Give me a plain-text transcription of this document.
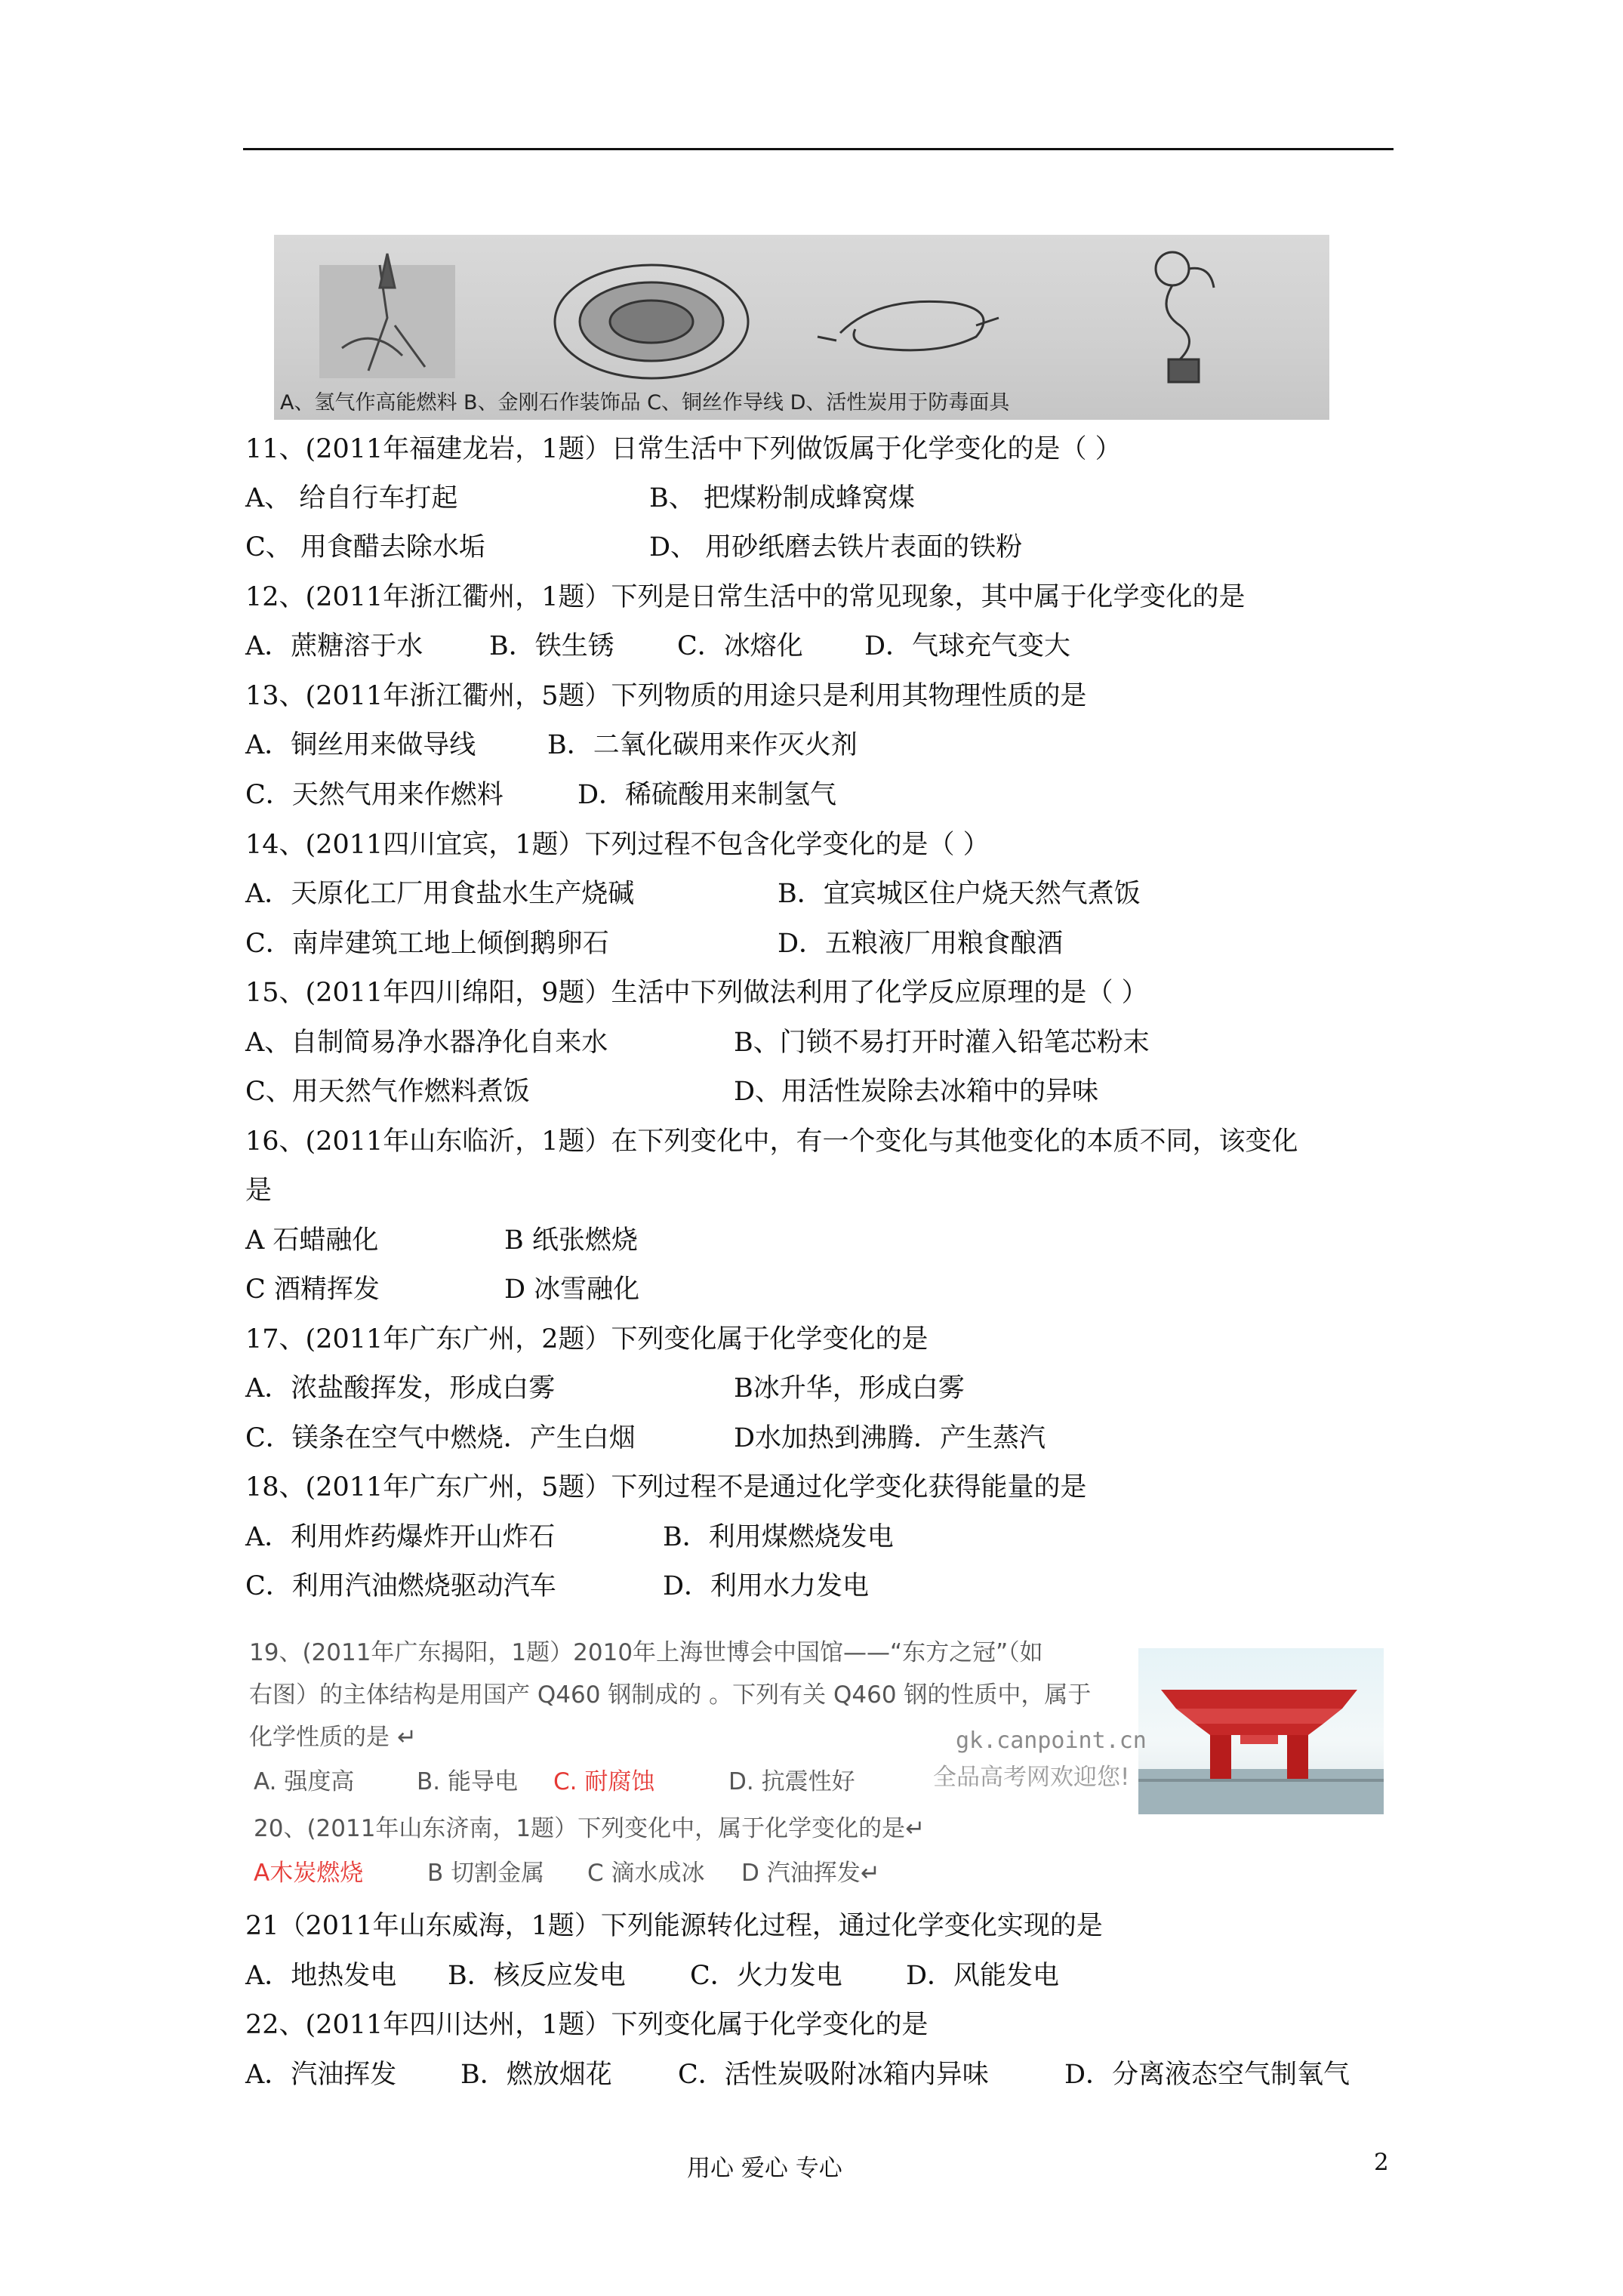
A、氢气作高能燃料 B、金刚石作装饰品 C、铜丝作导线 D、活性炭用于防毒面具
11、(2011年福建龙岩，1题）日常生活中下列做饭属于化学变化的是（ ）
A、 给自行车打起	B、 把煤粉制成蜂窝煤
C、 用食醋去除水垢	D、 用砂纸磨去铁片表面的铁粉
12、(2011年浙江衢州，1题）下列是日常生活中的常见现象，其中属于化学变化的是
A．蔗糖溶于水	B．铁生锈 C．冰熔化 D．气球充气变大
13、(2011年浙江衢州，5题）下列物质的用途只是利用其物理性质的是
A．铜丝用来做导线	B．二氧化碳用来作灭火剂
C．天然气用来作燃料	D．稀硫酸用来制氢气
14、(2011四川宜宾，1题）下列过程不包含化学变化的是（ ）
A．天原化工厂用食盐水生产烧碱	B．宜宾城区住户烧天然气煮饭
C．南岸建筑工地上倾倒鹅卵石	D．五粮液厂用粮食酿酒
15、(2011年四川绵阳，9题）生活中下列做法利用了化学反应原理的是（ ）
A、自制简易净水器净化自来水	B、门锁不易打开时灌入铅笔芯粉末
C、用天然气作燃料煮饭	D、用活性炭除去冰箱中的异味
16、(2011年山东临沂，1题）在下列变化中，有一个变化与其他变化的本质不同，该变化
是
A 石蜡融化	B 纸张燃烧
C 酒精挥发	D 冰雪融化
17、(2011年广东广州，2题）下列变化属于化学变化的是
A．浓盐酸挥发，形成白雾	B冰升华，形成白雾
C．镁条在空气中燃烧．产生白烟	D水加热到沸腾．产生蒸汽
18、(2011年广东广州，5题）下列过程不是通过化学变化获得能量的是
A．利用炸药爆炸开山炸石	B．利用煤燃烧发电
C．利用汽油燃烧驱动汽车	D．利用水力发电
19、(2011年广东揭阳，1题）2010年上海世博会中国馆——“东方之冠”（如
右图）的主体结构是用国产 Q460 钢制成的 。下列有关 Q460 钢的性质中，属于
化学性质的是 ↵
A. 强度高	B. 能导电 C. 耐腐蚀	D. 抗震性好
gk.canpoint.cn
全品高考网欢迎您!
20、(2011年山东济南，1题）下列变化中，属于化学变化的是↵
A木炭燃烧	B 切割金属 C 滴水成冰 D 汽油挥发↵
21（2011年山东威海，1题）下列能源转化过程，通过化学变化实现的是
A．地热发电 B．核反应发电 C．火力发电 D．风能发电
22、(2011年四川达州，1题）下列变化属于化学变化的是
A．汽油挥发 B．燃放烟花 C．活性炭吸附冰箱内异味	D．分离液态空气制氧气
用心 爱心 专心	2
